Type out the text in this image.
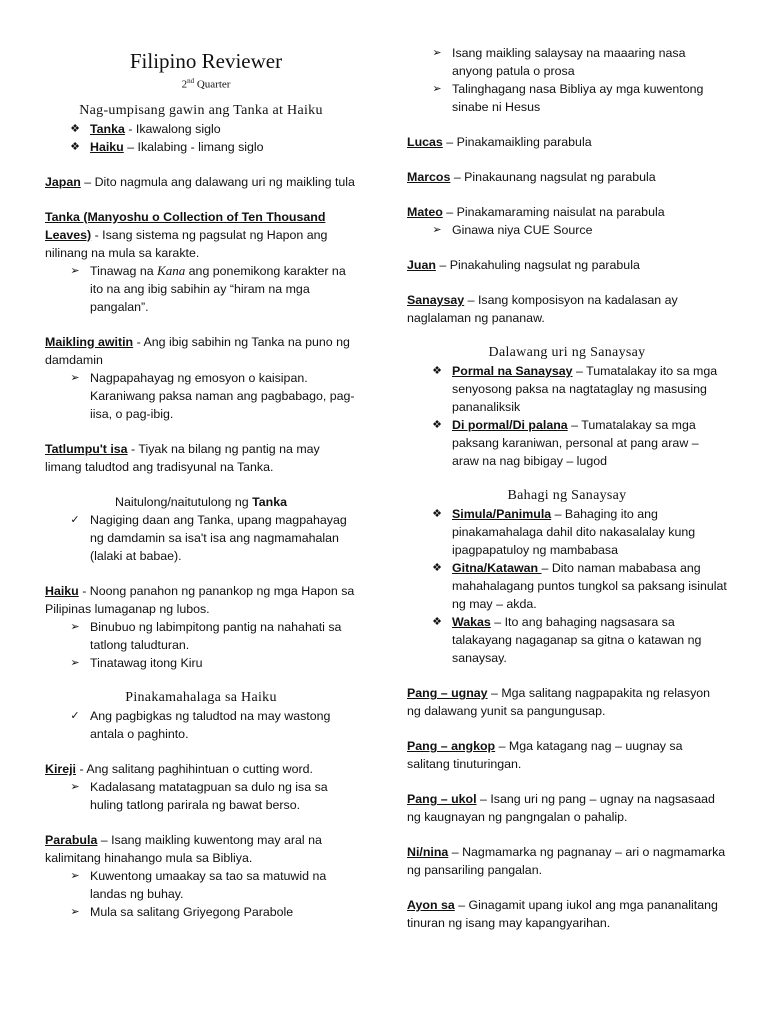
Filipino Reviewer
2nd Quarter
Nag-umpisang gawin ang Tanka at Haiku
❖ Tanka - Ikawalong siglo
❖ Haiku – Ikalabing - limang siglo

Japan – Dito nagmula ang dalawang uri ng maikling tula

Tanka (Manyoshu o Collection of Ten Thousand Leaves) - Isang sistema ng pagsulat ng Hapon ang nilinang na mula sa karakte.

➢ Tinawag na Kana ang ponemikong karakter na ito na ang ibig sabihin ay “hiram na mga pangalan”.

Maikling awitin - Ang ibig sabihin ng Tanka na puno ng damdamin

➢ Nagpapahayag ng emosyon o kaisipan. Karaniwang paksa naman ang pagbabago, pag-iisa, o pag-ibig.

Tatlumpu't isa - Tiyak na bilang ng pantig na may limang taludtod ang tradisyunal na Tanka.

Naitulong/naitutulong ng Tanka
✓ Nagiging daan ang Tanka, upang magpahayag ng damdamin sa isa't isa ang nagmamahalan (lalaki at babae).

Haiku - Noong panahon ng panankop ng mga Hapon sa Pilipinas lumaganap ng lubos.

➢ Binubuo ng labimpitong pantig na nahahati sa tatlong taludturan.
➢ Tinatawag itong Kiru
Pinakamahalaga sa Haiku
✓ Ang pagbigkas ng taludtod na may wastong antala o paghinto.

Kireji - Ang salitang paghihintuan o cutting word.

➢ Kadalasang matatagpuan sa dulo ng isa sa huling tatlong parirala ng bawat berso.

Parabula – Isang maikling kuwentong may aral na kalimitang hinahango mula sa Bibliya.

➢ Kuwentong umaakay sa tao sa matuwid na landas ng buhay.
➢ Mula sa salitang Griyegong Parabole
➢ Isang maikling salaysay na maaaring nasa anyong patula o prosa
➢ Talinghagang nasa Bibliya ay mga kuwentong sinabe ni Hesus

Lucas – Pinakamaikling parabula

Marcos – Pinakaunang nagsulat ng parabula

Mateo – Pinakamaraming naisulat na parabula

➢ Ginawa niya CUE Source

Juan – Pinakahuling nagsulat ng parabula

Sanaysay – Isang komposisyon na kadalasan ay naglalaman ng pananaw.

Dalawang uri ng Sanaysay
❖ Pormal na Sanaysay – Tumatalakay ito sa mga senyosong paksa na nagtataglay ng masusing pananaliksik
❖ Di pormal/Di palana – Tumatalakay sa mga paksang karaniwan, personal at pang araw – araw na nag bibigay – lugod
Bahagi ng Sanaysay
❖ Simula/Panimula – Bahaging ito ang pinakamahalaga dahil dito nakasalalay kung ipagpapatuloy ng mambabasa
❖ Gitna/Katawan – Dito naman mababasa ang mahahalagang puntos tungkol sa paksang isinulat ng may – akda.
❖ Wakas – Ito ang bahaging nagsasara sa talakayang nagaganap sa gitna o katawan ng sanaysay.

Pang – ugnay – Mga salitang nagpapakita ng relasyon ng dalawang yunit sa pangungusap.

Pang – angkop – Mga katagang nag – uugnay sa salitang tinuturingan.

Pang – ukol – Isang uri ng pang – ugnay na nagsasaad ng kaugnayan ng pangngalan o pahalip.

Ni/nina – Nagmamarka ng pagnanay – ari o nagmamarka ng pansariling pangalan.

Ayon sa – Ginagamit upang iukol ang mga pananalitang tinuran ng isang may kapangyarihan.
